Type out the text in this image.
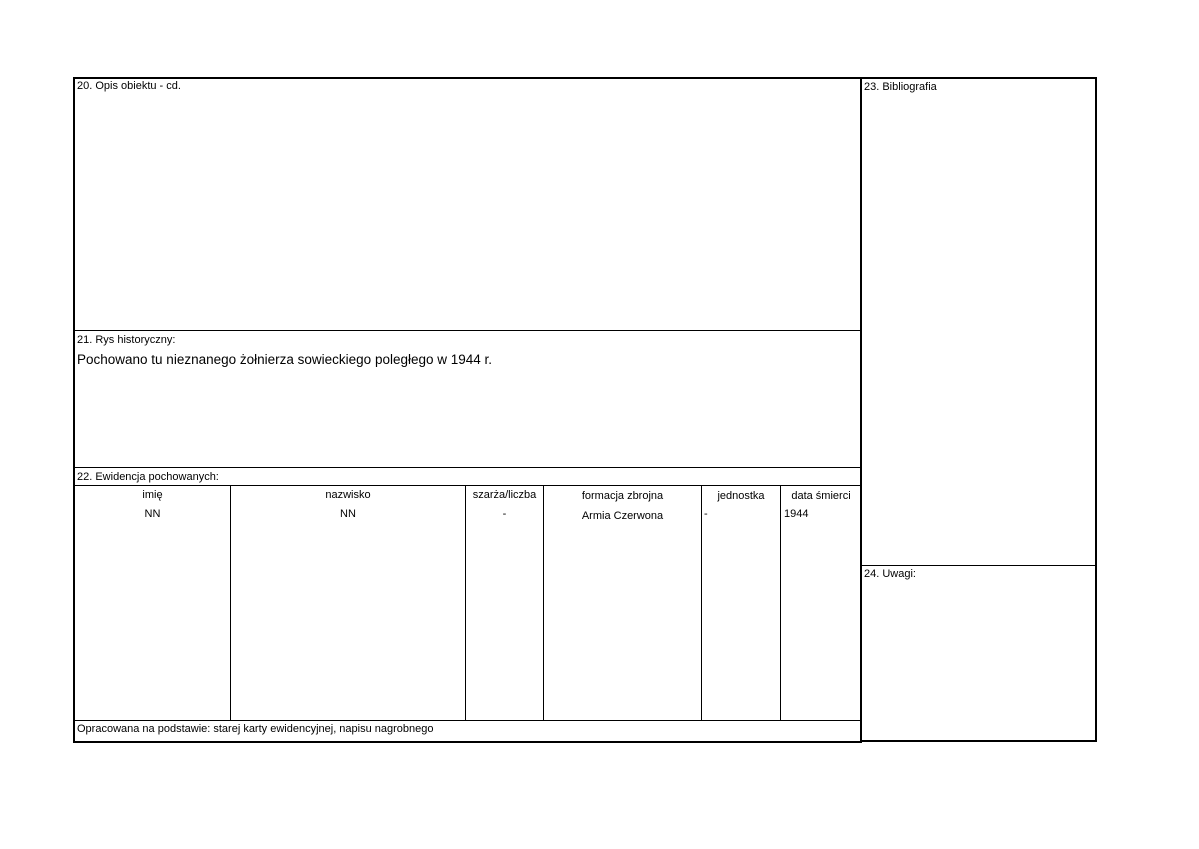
20. Opis obiektu - cd.
21. Rys historyczny:
Pochowano tu nieznanego żołnierza sowieckiego poległego w 1944 r.
22. Ewidencja pochowanych:
imię	nazwisko	szarża/liczba	formacja zbrojna	jednostka	data śmierci
NN	NN	-	Armia Czerwona	-	1944
Opracowana na podstawie: starej karty ewidencyjnej, napisu nagrobnego
23. Bibliografia
24. Uwagi:
